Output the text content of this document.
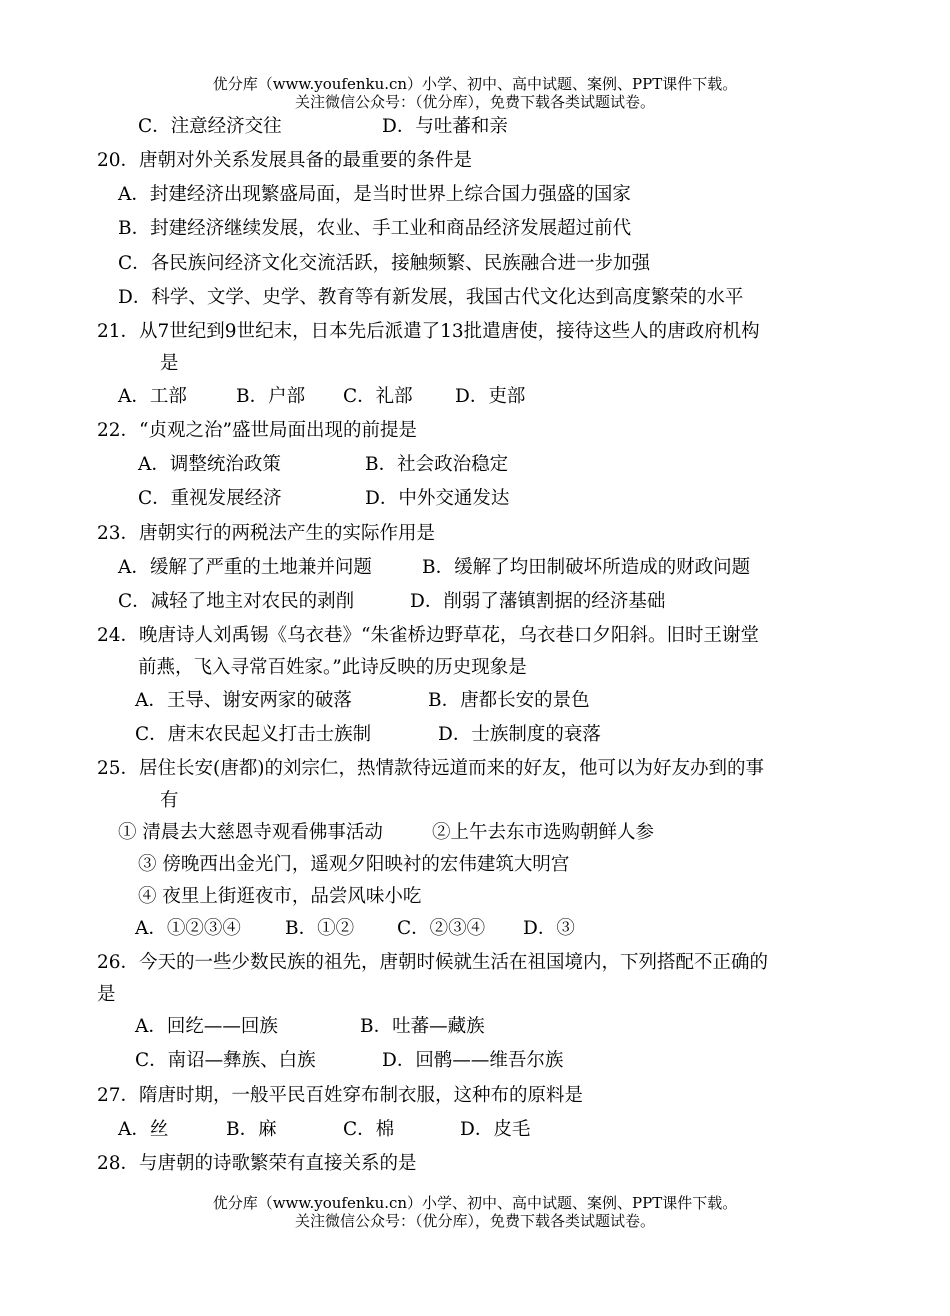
优分库（www.youfenku.cn）小学、初中、高中试题、案例、PPT课件下载。
关注微信公众号：（优分库），免费下载各类试题试卷。
C．注意经济交往	D．与吐蕃和亲
20．唐朝对外关系发展具备的最重要的条件是
A．封建经济出现繁盛局面，是当时世界上综合国力强盛的国家
B．封建经济继续发展，农业、手工业和商品经济发展超过前代
C．各民族问经济文化交流活跃，接触频繁、民族融合进一步加强
D．科学、文学、史学、教育等有新发展，我国古代文化达到高度繁荣的水平
21．从7世纪到9世纪末，日本先后派遣了13批遣唐使，接待这些人的唐政府机构
是
A．工部	B．户部 C．礼部 D．吏部
22．“贞观之治”盛世局面出现的前提是
A．调整统治政策	B．社会政治稳定
C．重视发展经济	D．中外交通发达
23．唐朝实行的两税法产生的实际作用是
A．缓解了严重的土地兼并问题	B．缓解了均田制破坏所造成的财政问题
C．减轻了地主对农民的剥削	D．削弱了藩镇割据的经济基础
24．晚唐诗人刘禹锡《乌衣巷》“朱雀桥边野草花，乌衣巷口夕阳斜。旧时王谢堂
前燕，飞入寻常百姓家。”此诗反映的历史现象是
A．王导、谢安两家的破落	B．唐都长安的景色
C．唐末农民起义打击士族制	D．士族制度的衰落
25．居住长安(唐都)的刘宗仁，热情款待远道而来的好友，他可以为好友办到的事
有
① 清晨去大慈恩寺观看佛事活动	②上午去东市选购朝鲜人参
③ 傍晚西出金光门，遥观夕阳映衬的宏伟建筑大明宫
④ 夜里上街逛夜市，品尝风味小吃
A．①②③④ B．①② C．②③④ D．③
26．今天的一些少数民族的祖先，唐朝时候就生活在祖国境内，下列搭配不正确的
是
A．回纥——回族	B．吐蕃—藏族
C．南诏—彝族、白族	D．回鹘——维吾尔族
27．隋唐时期，一般平民百姓穿布制衣服，这种布的原料是
A．丝	B．麻	C．棉	D．皮毛
28．与唐朝的诗歌繁荣有直接关系的是
优分库（www.youfenku.cn）小学、初中、高中试题、案例、PPT课件下载。
关注微信公众号：（优分库），免费下载各类试题试卷。
